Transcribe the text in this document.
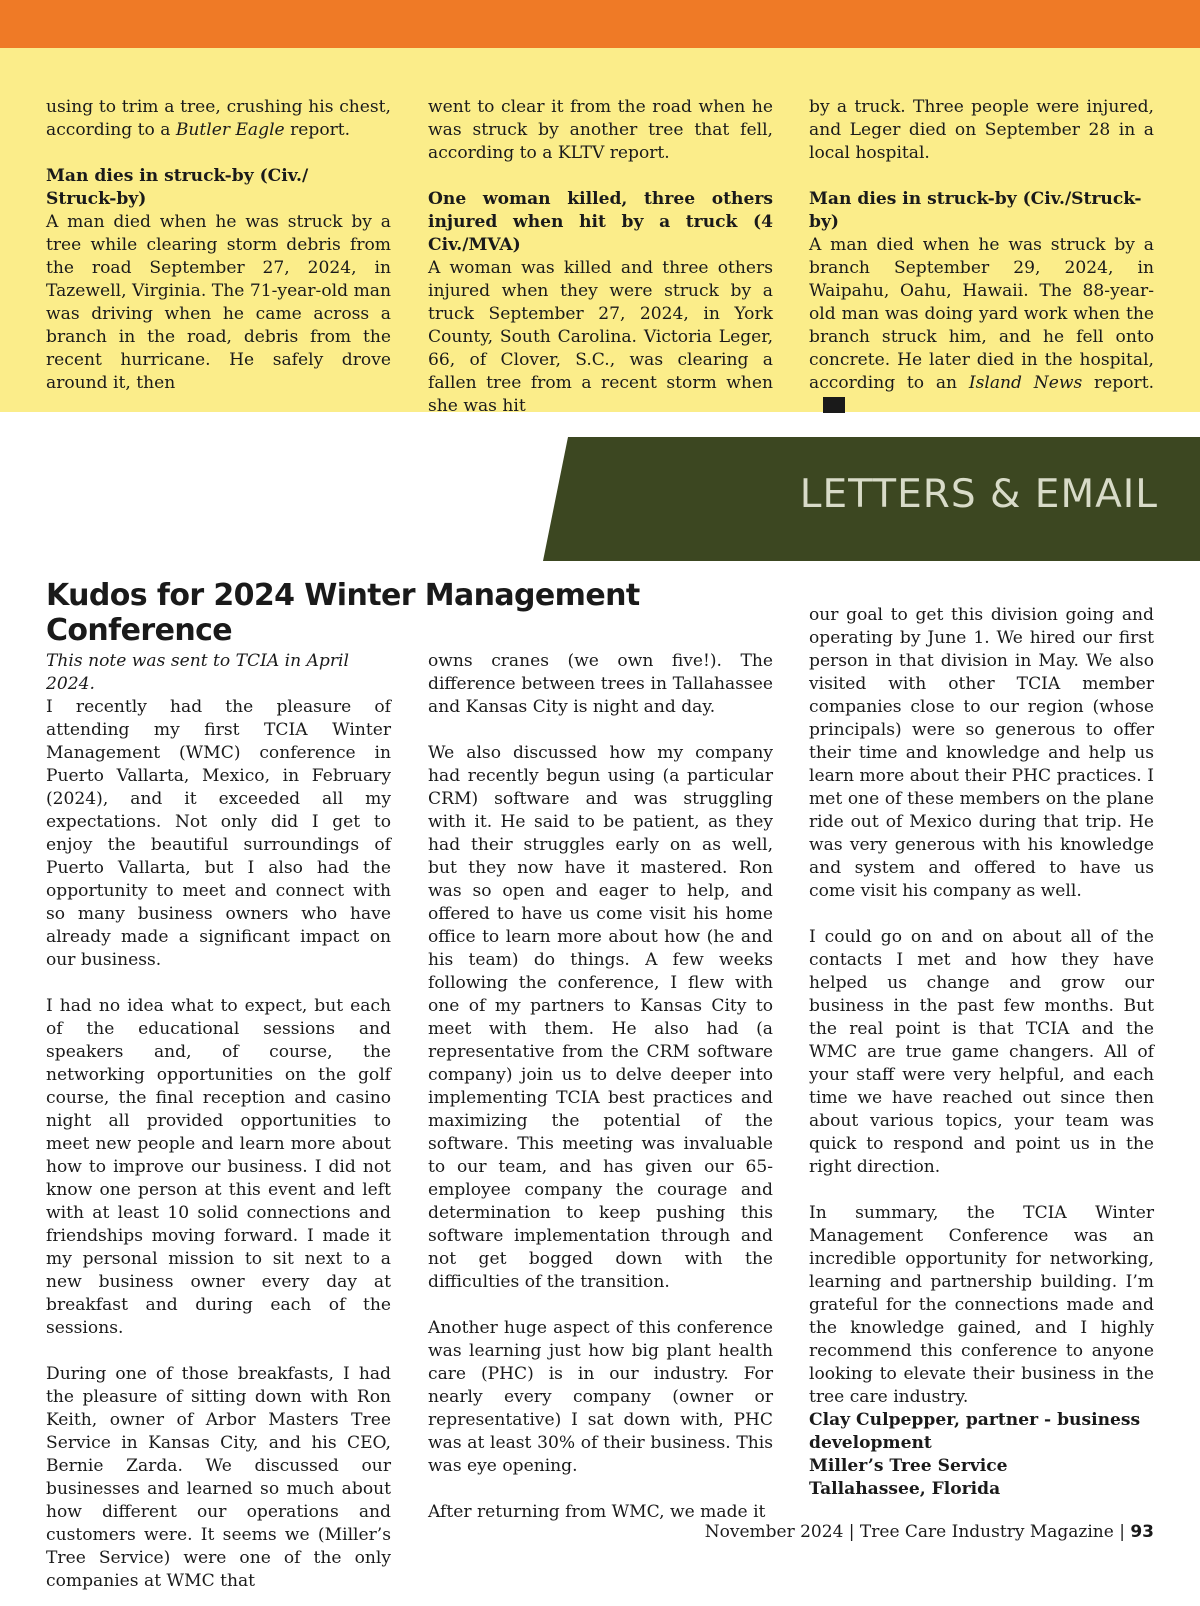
using to trim a tree, crushing his chest, according to a Butler Eagle report.

Man dies in struck-by (Civ./ Struck-by)

A man died when he was struck by a tree while clearing storm debris from the road September 27, 2024, in Tazewell, Virginia. The 71-year-old man was driving when he came across a branch in the road, debris from the recent hurricane. He safely drove around it, then

went to clear it from the road when he was struck by another tree that fell, according to a KLTV report.

One woman killed, three others injured when hit by a truck (4 Civ./MVA)

A woman was killed and three others injured when they were struck by a truck September 27, 2024, in York County, South Carolina. Victoria Leger, 66, of Clover, S.C., was clearing a fallen tree from a recent storm when she was hit

by a truck. Three people were injured, and Leger died on September 28 in a local hospital.

Man dies in struck-by (Civ./Struck-by)

A man died when he was struck by a branch September 29, 2024, in Waipahu, Oahu, Hawaii. The 88-year-old man was doing yard work when the branch struck him, and he fell onto concrete. He later died in the hospital, according to an Island News report.

LETTERS & EMAIL
Kudos for 2024 Winter Management Conference

This note was sent to TCIA in April 2024.

I recently had the pleasure of attending my first TCIA Winter Management (WMC) conference in Puerto Vallarta, Mexico, in February (2024), and it exceeded all my expectations. Not only did I get to enjoy the beautiful surroundings of Puerto Vallarta, but I also had the opportunity to meet and connect with so many business owners who have already made a significant impact on our business.

I had no idea what to expect, but each of the educational sessions and speakers and, of course, the networking opportunities on the golf course, the final reception and casino night all provided opportunities to meet new people and learn more about how to improve our business. I did not know one person at this event and left with at least 10 solid connections and friendships moving forward. I made it my personal mission to sit next to a new business owner every day at breakfast and during each of the sessions.

During one of those breakfasts, I had the pleasure of sitting down with Ron Keith, owner of Arbor Masters Tree Service in Kansas City, and his CEO, Bernie Zarda. We discussed our businesses and learned so much about how different our operations and customers were. It seems we (Miller’s Tree Service) were one of the only companies at WMC that

owns cranes (we own five!). The difference between trees in Tallahassee and Kansas City is night and day.

We also discussed how my company had recently begun using (a particular CRM) software and was struggling with it. He said to be patient, as they had their struggles early on as well, but they now have it mastered. Ron was so open and eager to help, and offered to have us come visit his home office to learn more about how (he and his team) do things. A few weeks following the conference, I flew with one of my partners to Kansas City to meet with them. He also had (a representative from the CRM software company) join us to delve deeper into implementing TCIA best practices and maximizing the potential of the software. This meeting was invaluable to our team, and has given our 65-employee company the courage and determination to keep pushing this software implementation through and not get bogged down with the difficulties of the transition.

Another huge aspect of this conference was learning just how big plant health care (PHC) is in our industry. For nearly every company (owner or representative) I sat down with, PHC was at least 30% of their business. This was eye opening.

After returning from WMC, we made it

our goal to get this division going and operating by June 1. We hired our first person in that division in May. We also visited with other TCIA member companies close to our region (whose principals) were so generous to offer their time and knowledge and help us learn more about their PHC practices. I met one of these members on the plane ride out of Mexico during that trip. He was very generous with his knowledge and system and offered to have us come visit his company as well.

I could go on and on about all of the contacts I met and how they have helped us change and grow our business in the past few months. But the real point is that TCIA and the WMC are true game changers. All of your staff were very helpful, and each time we have reached out since then about various topics, your team was quick to respond and point us in the right direction.

In summary, the TCIA Winter Management Conference was an incredible opportunity for networking, learning and partnership building. I’m grateful for the connections made and the knowledge gained, and I highly recommend this conference to anyone looking to elevate their business in the tree care industry.

Clay Culpepper, partner - business development
Miller’s Tree Service
Tallahassee, Florida
November 2024 | Tree Care Industry Magazine | 93
